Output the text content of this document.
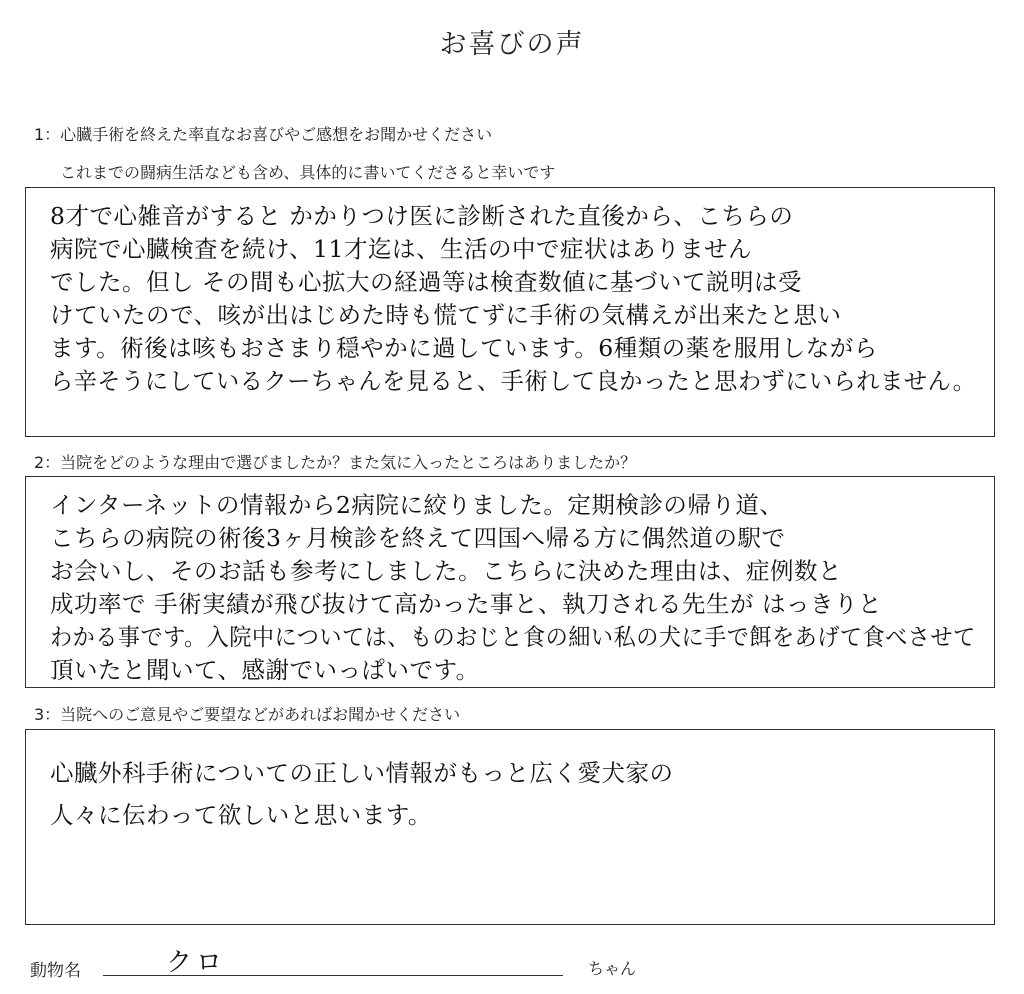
お喜びの声
1：心臓手術を終えた率直なお喜びやご感想をお聞かせください
これまでの闘病生活なども含め、具体的に書いてくださると幸いです
8才で心雑音がすると かかりつけ医に診断された直後から、こちらの
病院で心臓検査を続け、11才迄は、生活の中で症状はありません
でした。但し その間も心拡大の経過等は検査数値に基づいて説明は受
けていたので、咳が出はじめた時も慌てずに手術の気構えが出来たと思い
ます。術後は咳もおさまり穏やかに過しています。6種類の薬を服用しながら
ら辛そうにしているクーちゃんを見ると、手術して良かったと思わずにいられません。
2：当院をどのような理由で選びましたか？また気に入ったところはありましたか？
インターネットの情報から2病院に絞りました。定期検診の帰り道、
こちらの病院の術後3ヶ月検診を終えて四国へ帰る方に偶然道の駅で
お会いし、そのお話も参考にしました。こちらに決めた理由は、症例数と
成功率で 手術実績が飛び抜けて高かった事と、執刀される先生が はっきりと
わかる事です。入院中については、ものおじと食の細い私の犬に手で餌をあげて食べさせて
頂いたと聞いて、感謝でいっぱいです。
3：当院へのご意見やご要望などがあればお聞かせください
心臓外科手術についての正しい情報がもっと広く愛犬家の
人々に伝わって欲しいと思います。
動物名	クロ	ちゃん
